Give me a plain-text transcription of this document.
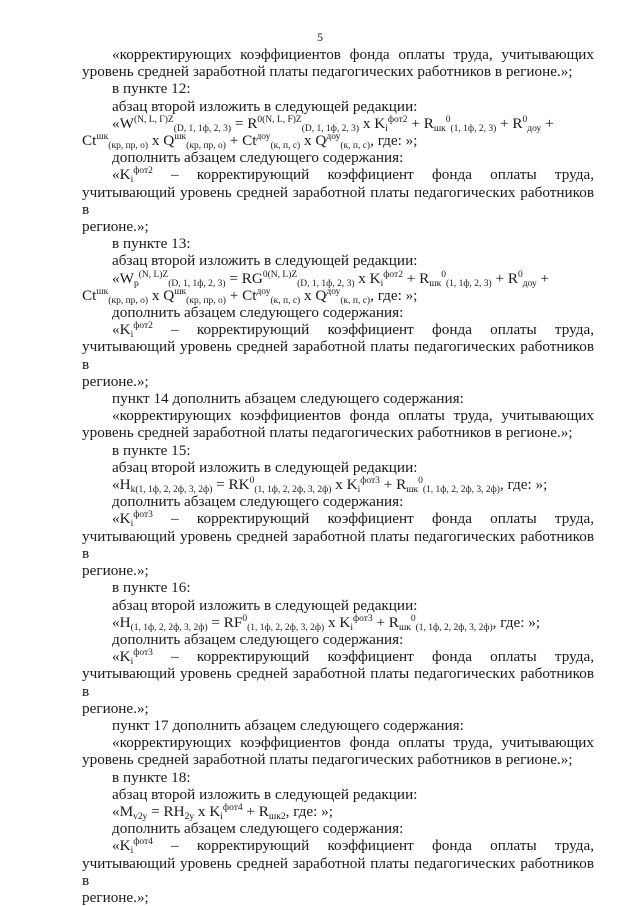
5

«корректирующих коэффициентов фонда оплаты труда, учитывающих

уровень средней заработной платы педагогических работников в регионе.»;

в пункте 12:

абзац второй изложить в следующей редакции:

«$W^{(N, L, Г)Z}_{(D, 1, 1ф, 2, 3)} = R^{0(N, L, F)Z}_{(D, 1, 1ф, 2, 3)}$ x $K_i^{фот2} + R_{шк}^0_{(1, 1ф, 2, 3)} + R^0_{доу}$ +

$Ct^{шк}_{(кр, пр, о)}$ x $Q^{шк}_{(кр, пр, о)} + Ct^{доу}_{(к, п, с)}$ x $Q^{доу}_{(к, п, с)}$, где: »;

дополнить абзацем следующего содержания:

«$K_i^{фот2}$ – корректирующий коэффициент фонда оплаты труда,

учитывающий уровень средней заработной платы педагогических работников в

регионе.»;

в пункте 13:

абзац второй изложить в следующей редакции:

«$W_р^{(N, L)Z}_{(D, 1, 1ф, 2, 3)} = RG^{0(N, L)Z}_{(D, 1, 1ф, 2, 3)}$ x $K_i^{фот2} + R_{шк}^0_{(1, 1ф, 2, 3)} + R^0_{доу}$ +

$Ct^{шк}_{(кр, пр, о)}$ x $Q^{шк}_{(кр, пр, о)} + Ct^{доу}_{(к, п, с)}$ x $Q^{доу}_{(к, п, с)}$, где: »;

дополнить абзацем следующего содержания:

«$K_i^{фот2}$ – корректирующий коэффициент фонда оплаты труда,

учитывающий уровень средней заработной платы педагогических работников в

регионе.»;

пункт 14 дополнить абзацем следующего содержания:

«корректирующих коэффициентов фонда оплаты труда, учитывающих

уровень средней заработной платы педагогических работников в регионе.»;

в пункте 15:

абзац второй изложить в следующей редакции:

«$H_{k(1, 1ф, 2, 2ф, 3, 2ф)} = RK^0_{(1, 1ф, 2, 2ф, 3, 2ф)}$ x $K_i^{фот3} + R_{шк}^0_{(1, 1ф, 2, 2ф, 3, 2ф)}$, где: »;

дополнить абзацем следующего содержания:

«$K_i^{фот3}$ – корректирующий коэффициент фонда оплаты труда,

учитывающий уровень средней заработной платы педагогических работников в

регионе.»;

в пункте 16:

абзац второй изложить в следующей редакции:

«$H_{(1, 1ф, 2, 2ф, 3, 2ф)} = RF^0_{(1, 1ф, 2, 2ф, 3, 2ф)}$ x $K_i^{фот3} + R_{шк}^0_{(1, 1ф, 2, 2ф, 3, 2ф)}$, где: »;

дополнить абзацем следующего содержания:

«$K_i^{фот3}$ – корректирующий коэффициент фонда оплаты труда,

учитывающий уровень средней заработной платы педагогических работников в

регионе.»;

пункт 17 дополнить абзацем следующего содержания:

«корректирующих коэффициентов фонда оплаты труда, учитывающих

уровень средней заработной платы педагогических работников в регионе.»;

в пункте 18:

абзац второй изложить в следующей редакции:

«$M_{v2у} = RH_{2у}$ x $K_i^{фот4} + R_{шк2}$, где: »;

дополнить абзацем следующего содержания:

«$K_i^{фот4}$ – корректирующий коэффициент фонда оплаты труда,

учитывающий уровень средней заработной платы педагогических работников в

регионе.»;
